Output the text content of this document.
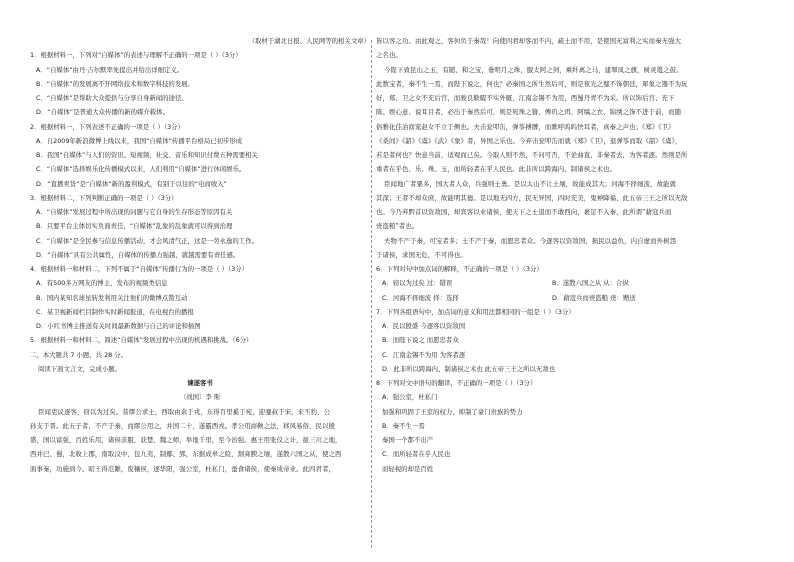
（取材于湖北日报、人民网等的相关文章）
1．根据材料一，下列对“自媒体”的表述与理解不正确的一项是（ ）（3分）
A．“自媒体”由丹·吉尔默率先提出并给出详细定义。
B．“自媒体”的发展离不开网络技术和数字科技的发展。
C．“自媒体”是帮助大众提供与分享自身新闻的途径。
D．“自媒体”是普通大众传播的新的媒介载体。
2．根据材料一，下列表述不正确的一项是（ ）（3分）
A．自2009年新浪微博上线以来，我国“自媒体”传播平台格局已初步形成
B．我国“自媒体”与人们的资讯、短视频、社交、音乐和知识付费五种需要相关
C．“自媒体”选择娱乐化传播模式以来，人们利用“自媒体”进行休闲娱乐。
D．“直播卖货”是“自媒体”新的盈利模式，有别于以往的“电商收入”
3．根据材料二，下列判断正确的一项是（ ）（3分）
A．“自媒体”发展过程中所出现的问题与它自身的生存形态等原因有关
B．只要平台主体切实负面责任，“自媒体”乱象的乱象就可以得到治理
C．“自媒体”是全民参与信息传播活动，才会风清气正，这是一劳永逸的工作。
D．“自媒体”具有公共属性，自媒体的传播力强越，就越需要有责任感。
4．根据材料一和材料二，下列不属于“自媒体”传播行为的一项是（ ）（3分）
A．有500多万网友的博主，发布的视频类信息
B．国内某知名球星转发利用关注他们的微博点赞互动
C．某卫视新闻栏目制作实时新闻报道，在电视台的播报
D．小红书博主推送有关时间最新数据与自己的评论和插图
5．根据材料一和材料二，简述“自媒体”发展过程中出现的机遇和挑战。（6分）
二、本大题共 7 小题，共 28 分。
阅读下面文言文，完成小题。
谏逐客书
〔战国〕李 斯
臣闻吏议逐客，窃以为过矣。昔缪公求士，西取由余于戎，东得百里奚于宛，迎蹇叔于宋，来丕豹、公
孙支于晋。此五子者，不产于秦，而缪公用之，并国二十，遂霸西戎。孝公用商鞅之法，移风易俗，民以殷
盛，国以富强，百姓乐用，诸侯亲服，获楚、魏之师，举地千里，至今治强。惠王用张仪之计，拔三川之地，
西并巴、蜀，北收上郡，南取汉中，包九夷，制鄢、郢，东据成皋之险，割膏腴之壤，遂散六国之从，使之西
面事秦，功施到今。昭王得范雎，废穰侯，逐华阳，强公室，杜私门，蚕食诸侯，使秦成帝业。此四君者，
皆以客之功。由此观之，客何负于秦哉！向使四君却客而不内，疏士而不用，是使国无富利之实而秦无强大
之名也。
今陛下致昆山之玉，有随、和之宝，垂明月之珠，服太阿之剑，乘纤离之马，建翠凤之旗，树灵鼍之鼓。
此数宝者，秦不生一焉，而陛下说之，何也？必秦国之所生然后可，则是夜光之璧不饰朝廷，犀象之器不为玩
好，郑、卫之女不充后宫，而骏良駃騠不实外厩，江南金锡不为用，西蜀丹青不为采。所以饰后宫、充下
陈、娱心意、说耳目者，必出于秦然后可，则是宛珠之簪、傅玑之珥、阿缟之衣、锦绣之饰不进于前，而随
俗雅化佳冶窈窕赵女不立于侧也。夫击瓮叩缶，弹筝搏髀，而歌呼呜呜快耳者，真秦之声也；《郑》《卫》
《桑间》《韶》《虞》《武》《象》者，异国之乐也。今弃击瓮叩缶而就《郑》《卫》，退弹筝而取《韶》《虞》，
若是者何也？快意当前，适观而已矣。今取人则不然，不问可否，不论曲直，非秦者去，为客者逐。然则是所
重者在乎色、乐、珠、玉，而所轻者在乎人民也。此非所以跨海内、制诸侯之术也。
臣闻地广者粟多，国大者人众，兵强则士勇。是以太山不让土壤，故能成其大；河海不择细流，故能就
其深；王者不却众庶，故能明其德。是以地无四方，民无异国，四时充美，鬼神降福，此五帝三王之所以无敌
也。今乃弃黔首以资敌国，却宾客以业诸侯，使天下之士退而不敢西向，裹足不入秦，此所谓“藉寇兵而
赍盗粮”者也。
夫物不产于秦，可宝者多；士不产于秦，而愿忠者众。今逐客以资敌国，损民以益仇，内自虚而外树怨
于诸侯，求国无危，不可得也。
6．下列对句中加点词的解释，不正确的一项是（ ）（3分）
A．窃以为过矣 过：错误	B．遂散六国之从 从：合纵
C．河海不择细流 择：选择	D．藉寇兵而赍盗粮 赍：赠送
7．下列各组语句中，加点词的意义和用法都相同的一组是（ ）（3分）
A．民以殷盛 今逐客以资敌国
B．而陛下说之 而愿忠者众
C．江南金锡不为用 为客者逐
D．此非所以跨海内、制诸侯之术也 此五帝三王之所以无敌也
8．下列对文中语句的翻译，不正确的一项是（ ）（3分）
A．强公室，杜私门
加强和巩固了王室的权力，抑制了豪门贵族的势力
B．秦不生一焉
秦国一个都不出产
C．而所轻者在乎人民也
而轻视的却是百姓
